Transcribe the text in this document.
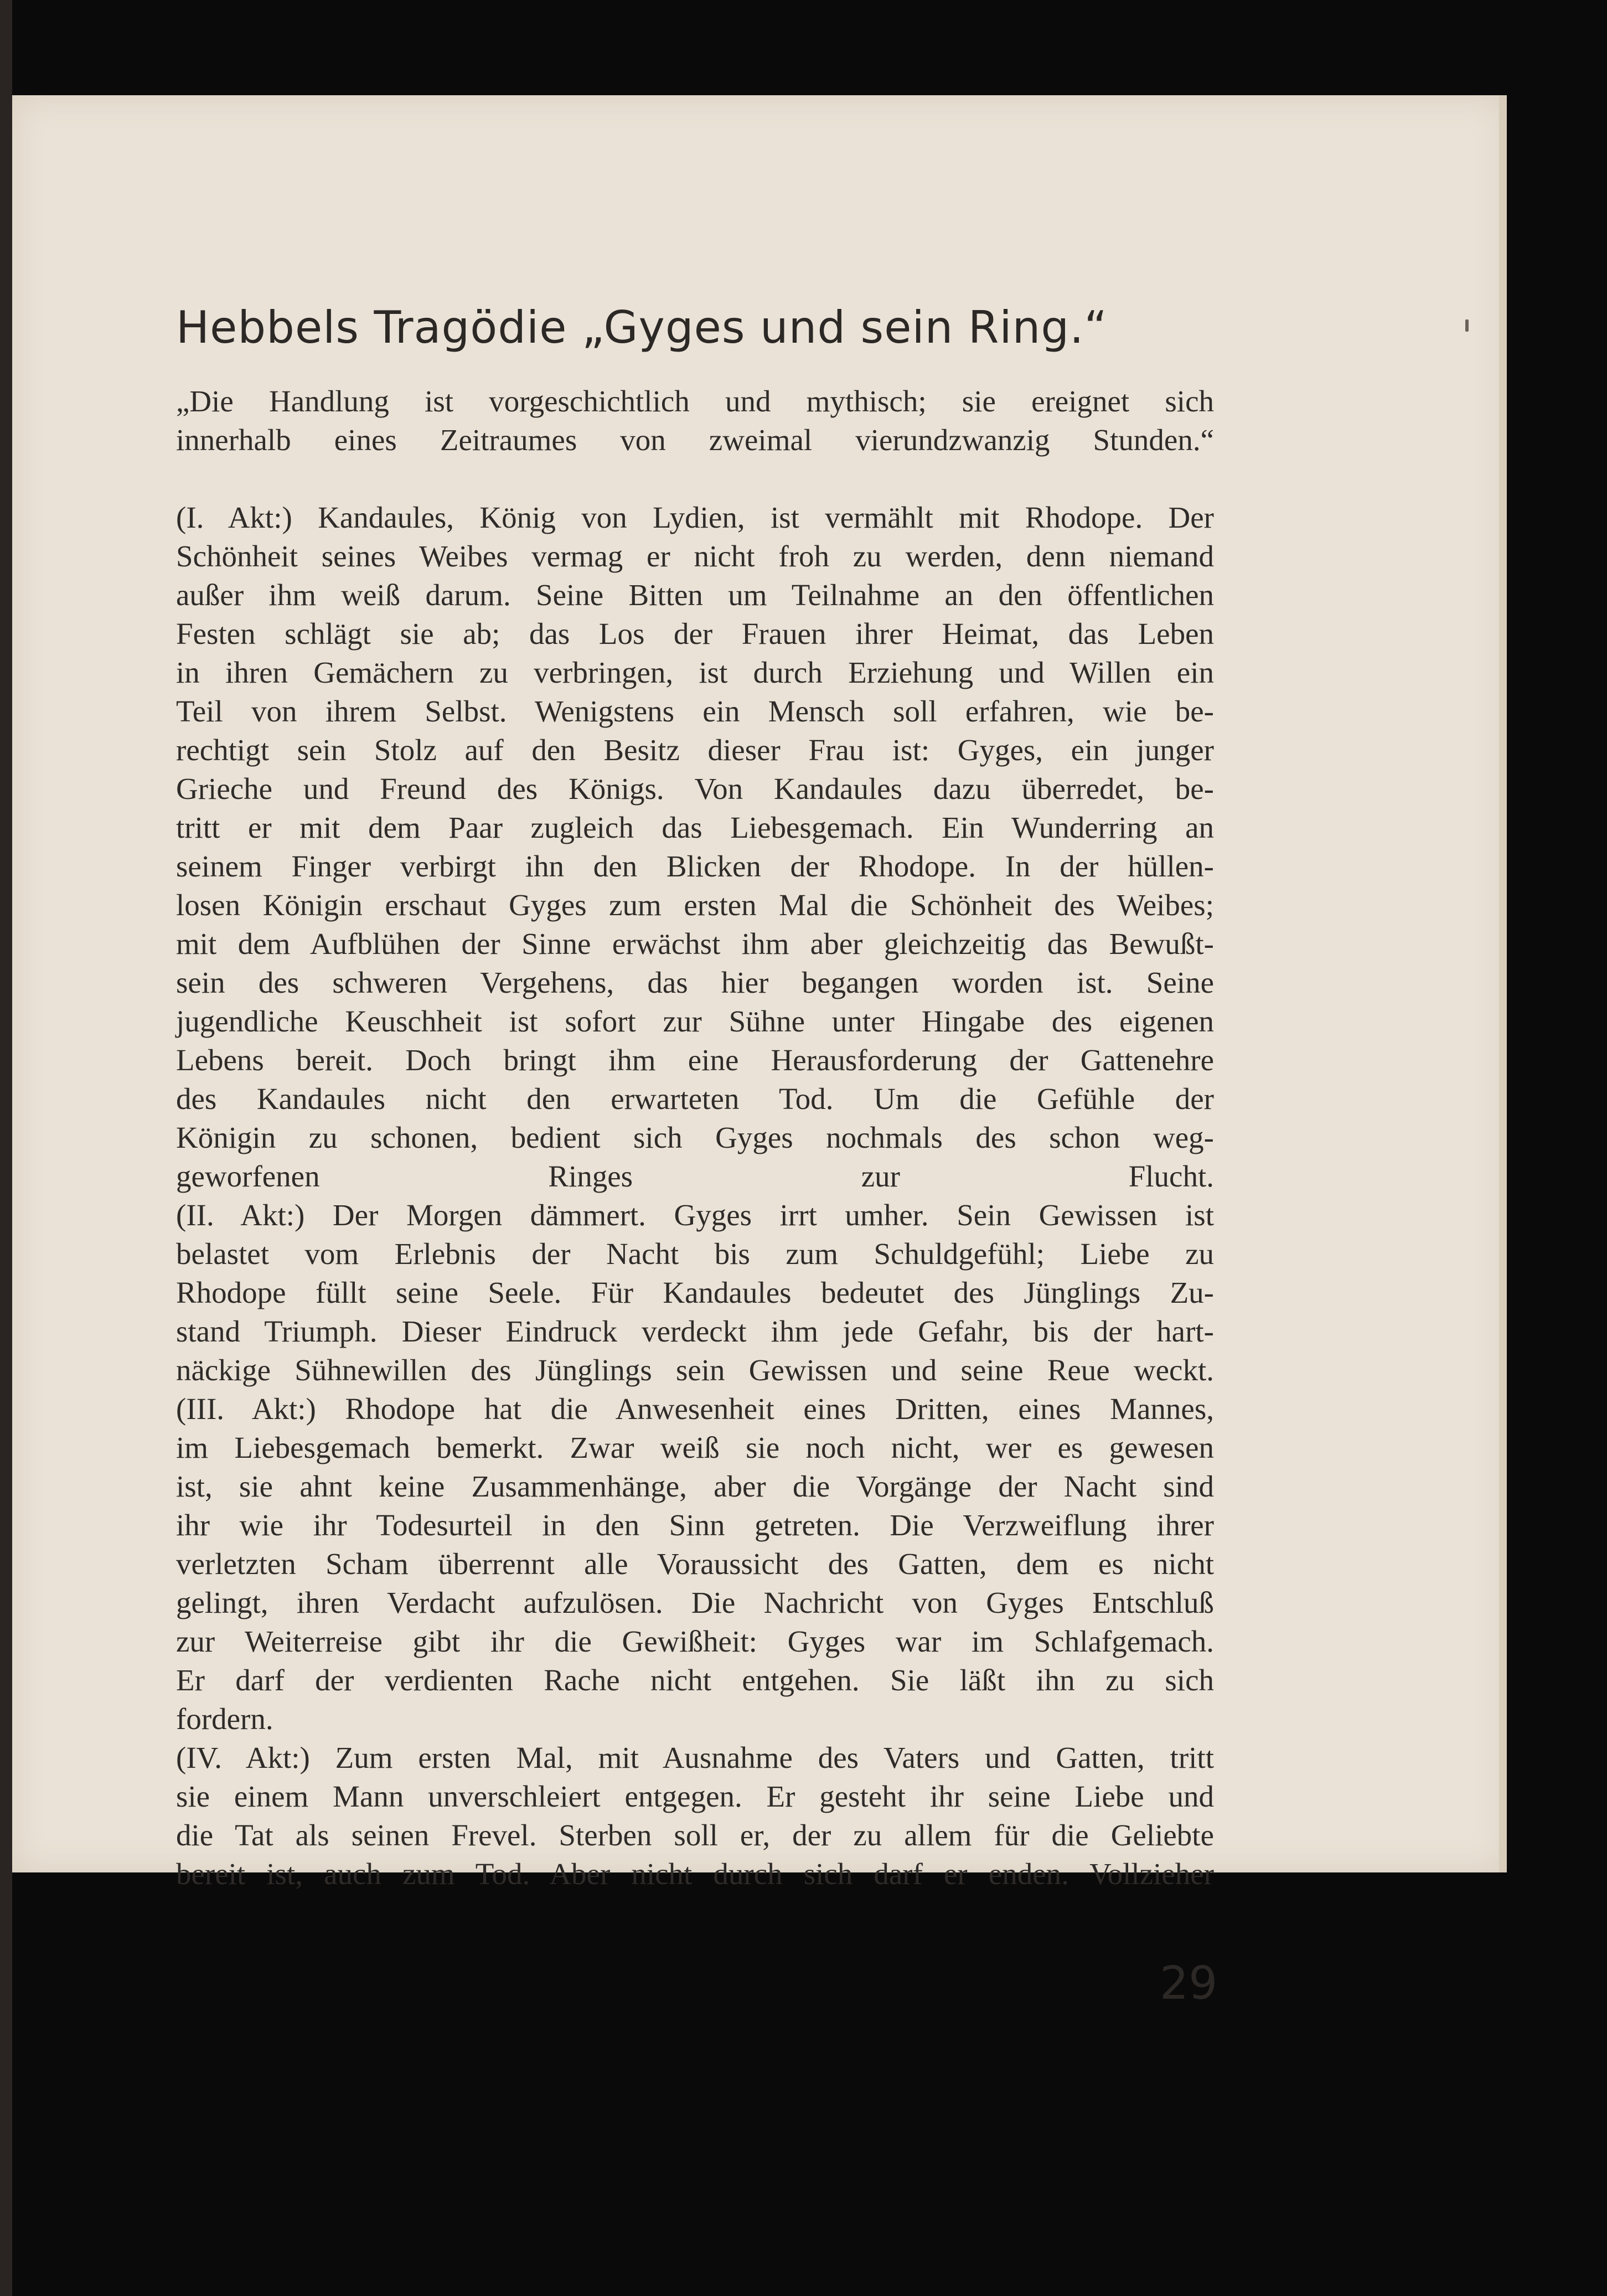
Hebbels Tragödie „Gyges und sein Ring.“

„Die Handlung ist vorgeschichtlich und mythisch; sie ereignet sich

innerhalb eines Zeitraumes von zweimal vierundzwanzig Stunden.“

(I. Akt:) Kandaules, König von Lydien, ist vermählt mit Rhodope. Der

Schönheit seines Weibes vermag er nicht froh zu werden, denn niemand

außer ihm weiß darum. Seine Bitten um Teilnahme an den öffentlichen

Festen schlägt sie ab; das Los der Frauen ihrer Heimat, das Leben

in ihren Gemächern zu verbringen, ist durch Erziehung und Willen ein

Teil von ihrem Selbst. Wenigstens ein Mensch soll erfahren, wie be-

rechtigt sein Stolz auf den Besitz dieser Frau ist: Gyges, ein junger

Grieche und Freund des Königs. Von Kandaules dazu überredet, be-

tritt er mit dem Paar zugleich das Liebesgemach. Ein Wunderring an

seinem Finger verbirgt ihn den Blicken der Rhodope. In der hüllen-

losen Königin erschaut Gyges zum ersten Mal die Schönheit des Weibes;

mit dem Aufblühen der Sinne erwächst ihm aber gleichzeitig das Bewußt-

sein des schweren Vergehens, das hier begangen worden ist. Seine

jugendliche Keuschheit ist sofort zur Sühne unter Hingabe des eigenen

Lebens bereit. Doch bringt ihm eine Herausforderung der Gattenehre

des Kandaules nicht den erwarteten Tod. Um die Gefühle der

Königin zu schonen, bedient sich Gyges nochmals des schon weg-

geworfenen Ringes zur Flucht.

(II. Akt:) Der Morgen dämmert. Gyges irrt umher. Sein Gewissen ist

belastet vom Erlebnis der Nacht bis zum Schuldgefühl; Liebe zu

Rhodope füllt seine Seele. Für Kandaules bedeutet des Jünglings Zu-

stand Triumph. Dieser Eindruck verdeckt ihm jede Gefahr, bis der hart-

näckige Sühnewillen des Jünglings sein Gewissen und seine Reue weckt.

(III. Akt:) Rhodope hat die Anwesenheit eines Dritten, eines Mannes,

im Liebesgemach bemerkt. Zwar weiß sie noch nicht, wer es gewesen

ist, sie ahnt keine Zusammenhänge, aber die Vorgänge der Nacht sind

ihr wie ihr Todesurteil in den Sinn getreten. Die Verzweiflung ihrer

verletzten Scham überrennt alle Voraussicht des Gatten, dem es nicht

gelingt, ihren Verdacht aufzulösen. Die Nachricht von Gyges Entschluß

zur Weiterreise gibt ihr die Gewißheit: Gyges war im Schlafgemach.

Er darf der verdienten Rache nicht entgehen. Sie läßt ihn zu sich

fordern.

(IV. Akt:) Zum ersten Mal, mit Ausnahme des Vaters und Gatten, tritt

sie einem Mann unverschleiert entgegen. Er gesteht ihr seine Liebe und

die Tat als seinen Frevel. Sterben soll er, der zu allem für die Geliebte

bereit ist, auch zum Tod. Aber nicht durch sich darf er enden. Vollzieher

29
